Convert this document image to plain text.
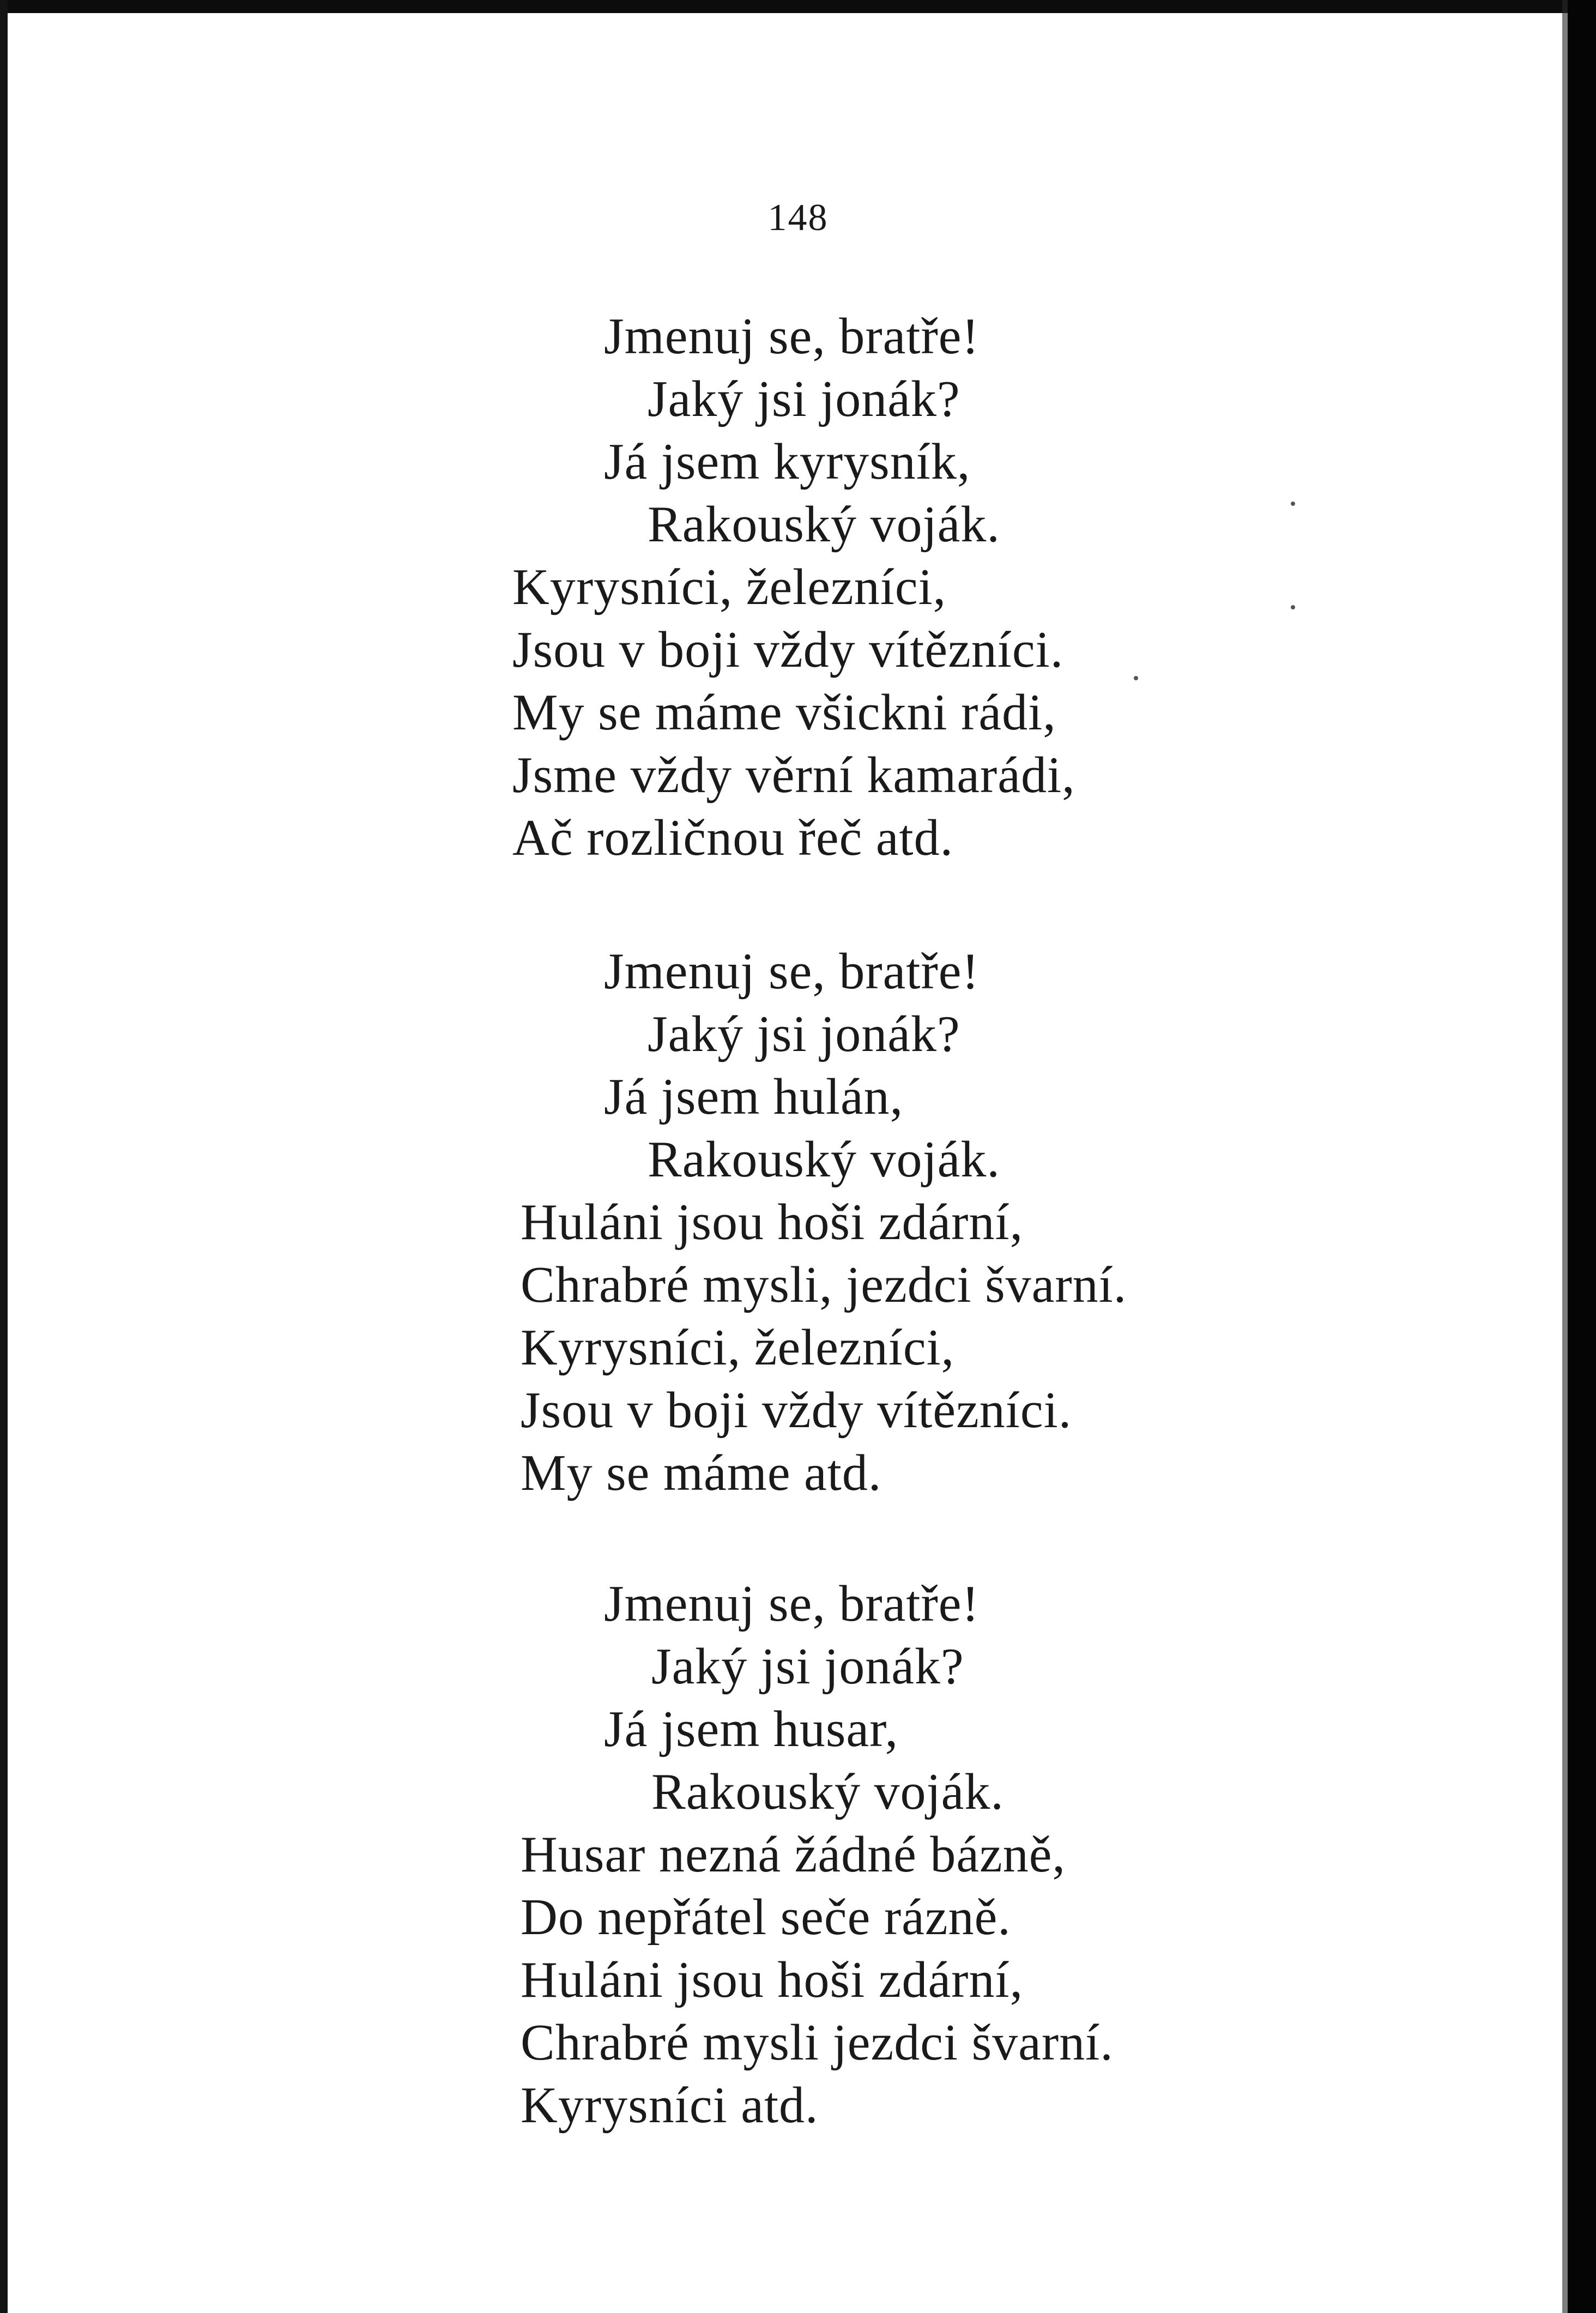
148
Jmenuj se, bratře!
Jaký jsi jonák?
Já jsem kyrysník,
Rakouský voják.
Kyrysníci, železníci,
Jsou v boji vždy vítězníci.
My se máme všickni rádi,
Jsme vždy věrní kamarádi,
Ač rozličnou řeč atd.
Jmenuj se, bratře!
Jaký jsi jonák?
Já jsem hulán,
Rakouský voják.
Huláni jsou hoši zdární,
Chrabré mysli, jezdci švarní.
Kyrysníci, železníci,
Jsou v boji vždy vítězníci.
My se máme atd.
Jmenuj se, bratře!
Jaký jsi jonák?
Já jsem husar,
Rakouský voják.
Husar nezná žádné bázně,
Do nepřátel seče rázně.
Huláni jsou hoši zdární,
Chrabré mysli jezdci švarní.
Kyrysníci atd.
